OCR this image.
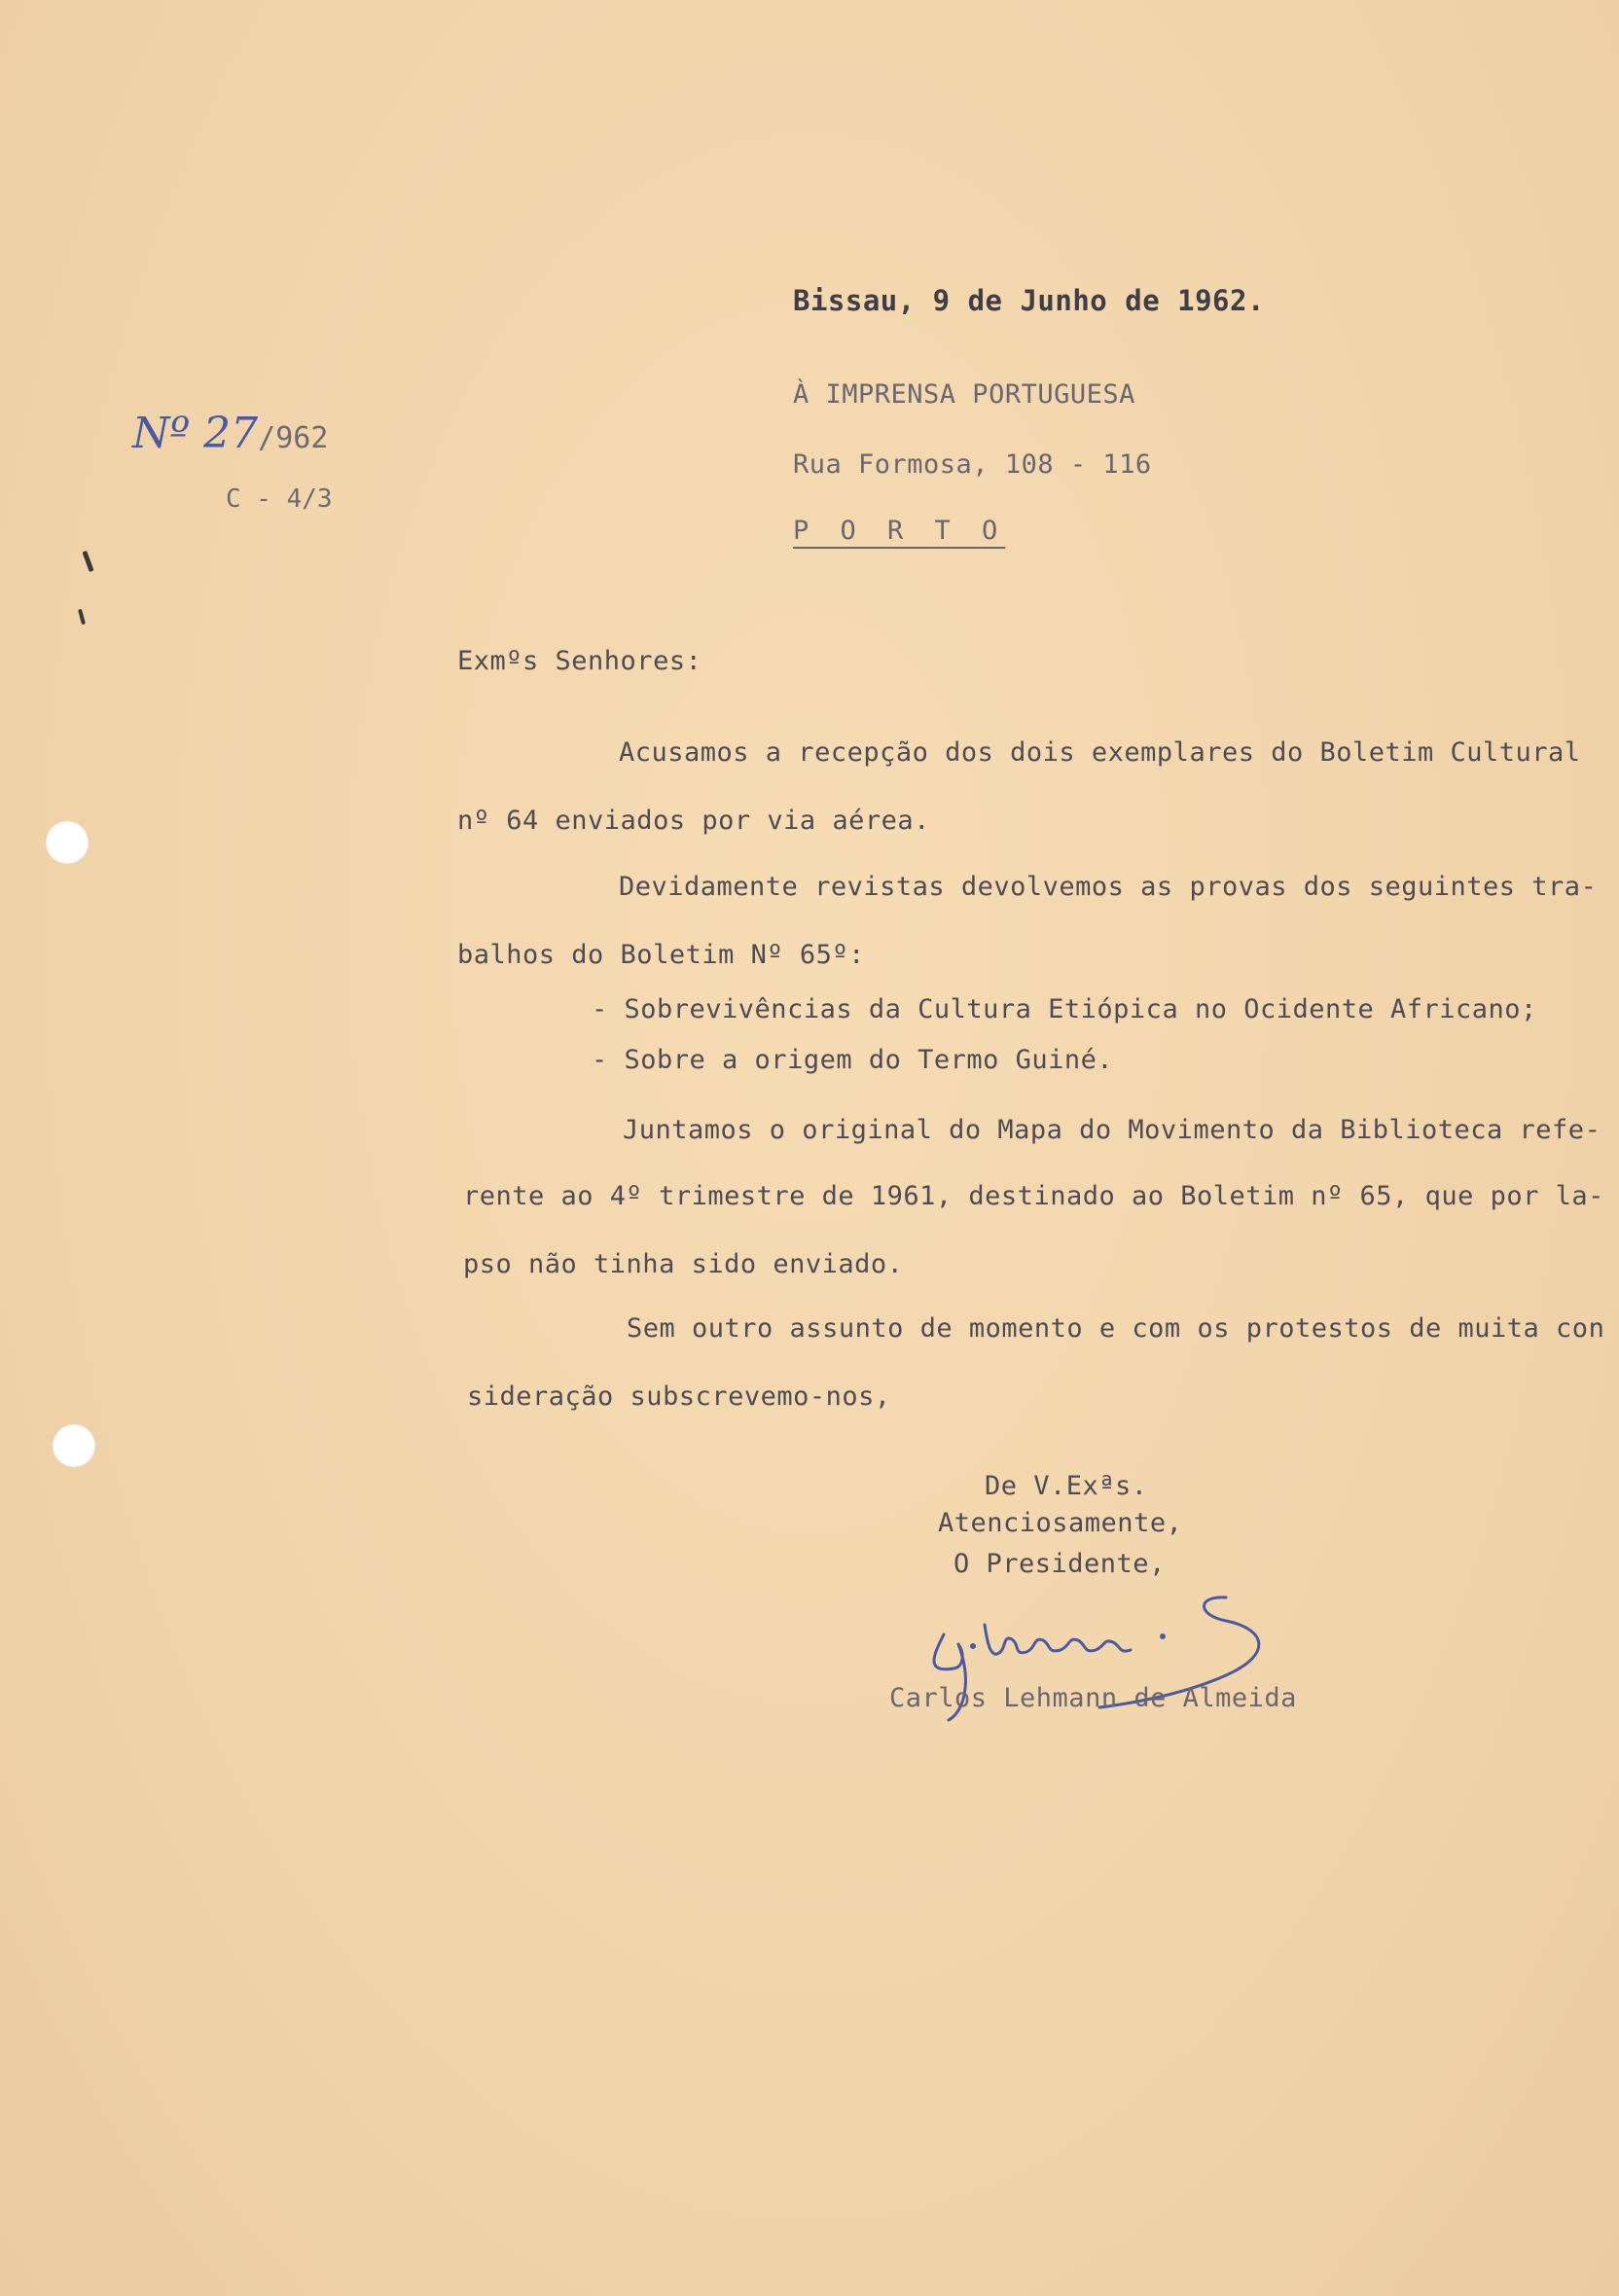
Bissau, 9 de Junho de 1962.
À IMPRENSA PORTUGUESA
Rua Formosa, 108 - 116
P O R T O
Nº 27/962
C - 4/3
Exmºs Senhores:
Acusamos a recepção dos dois exemplares do Boletim Cultural
nº 64 enviados por via aérea.
Devidamente revistas devolvemos as provas dos seguintes tra-
balhos do Boletim Nº 65º:
- Sobrevivências da Cultura Etiópica no Ocidente Africano;
- Sobre a origem do Termo Guiné.
Juntamos o original do Mapa do Movimento da Biblioteca refe-
rente ao 4º trimestre de 1961, destinado ao Boletim nº 65, que por la-
pso não tinha sido enviado.
Sem outro assunto de momento e com os protestos de muita con
sideração subscrevemo-nos,
De V.Exªs.
Atenciosamente,
O Presidente,
Carlos Lehmann de Almeida
